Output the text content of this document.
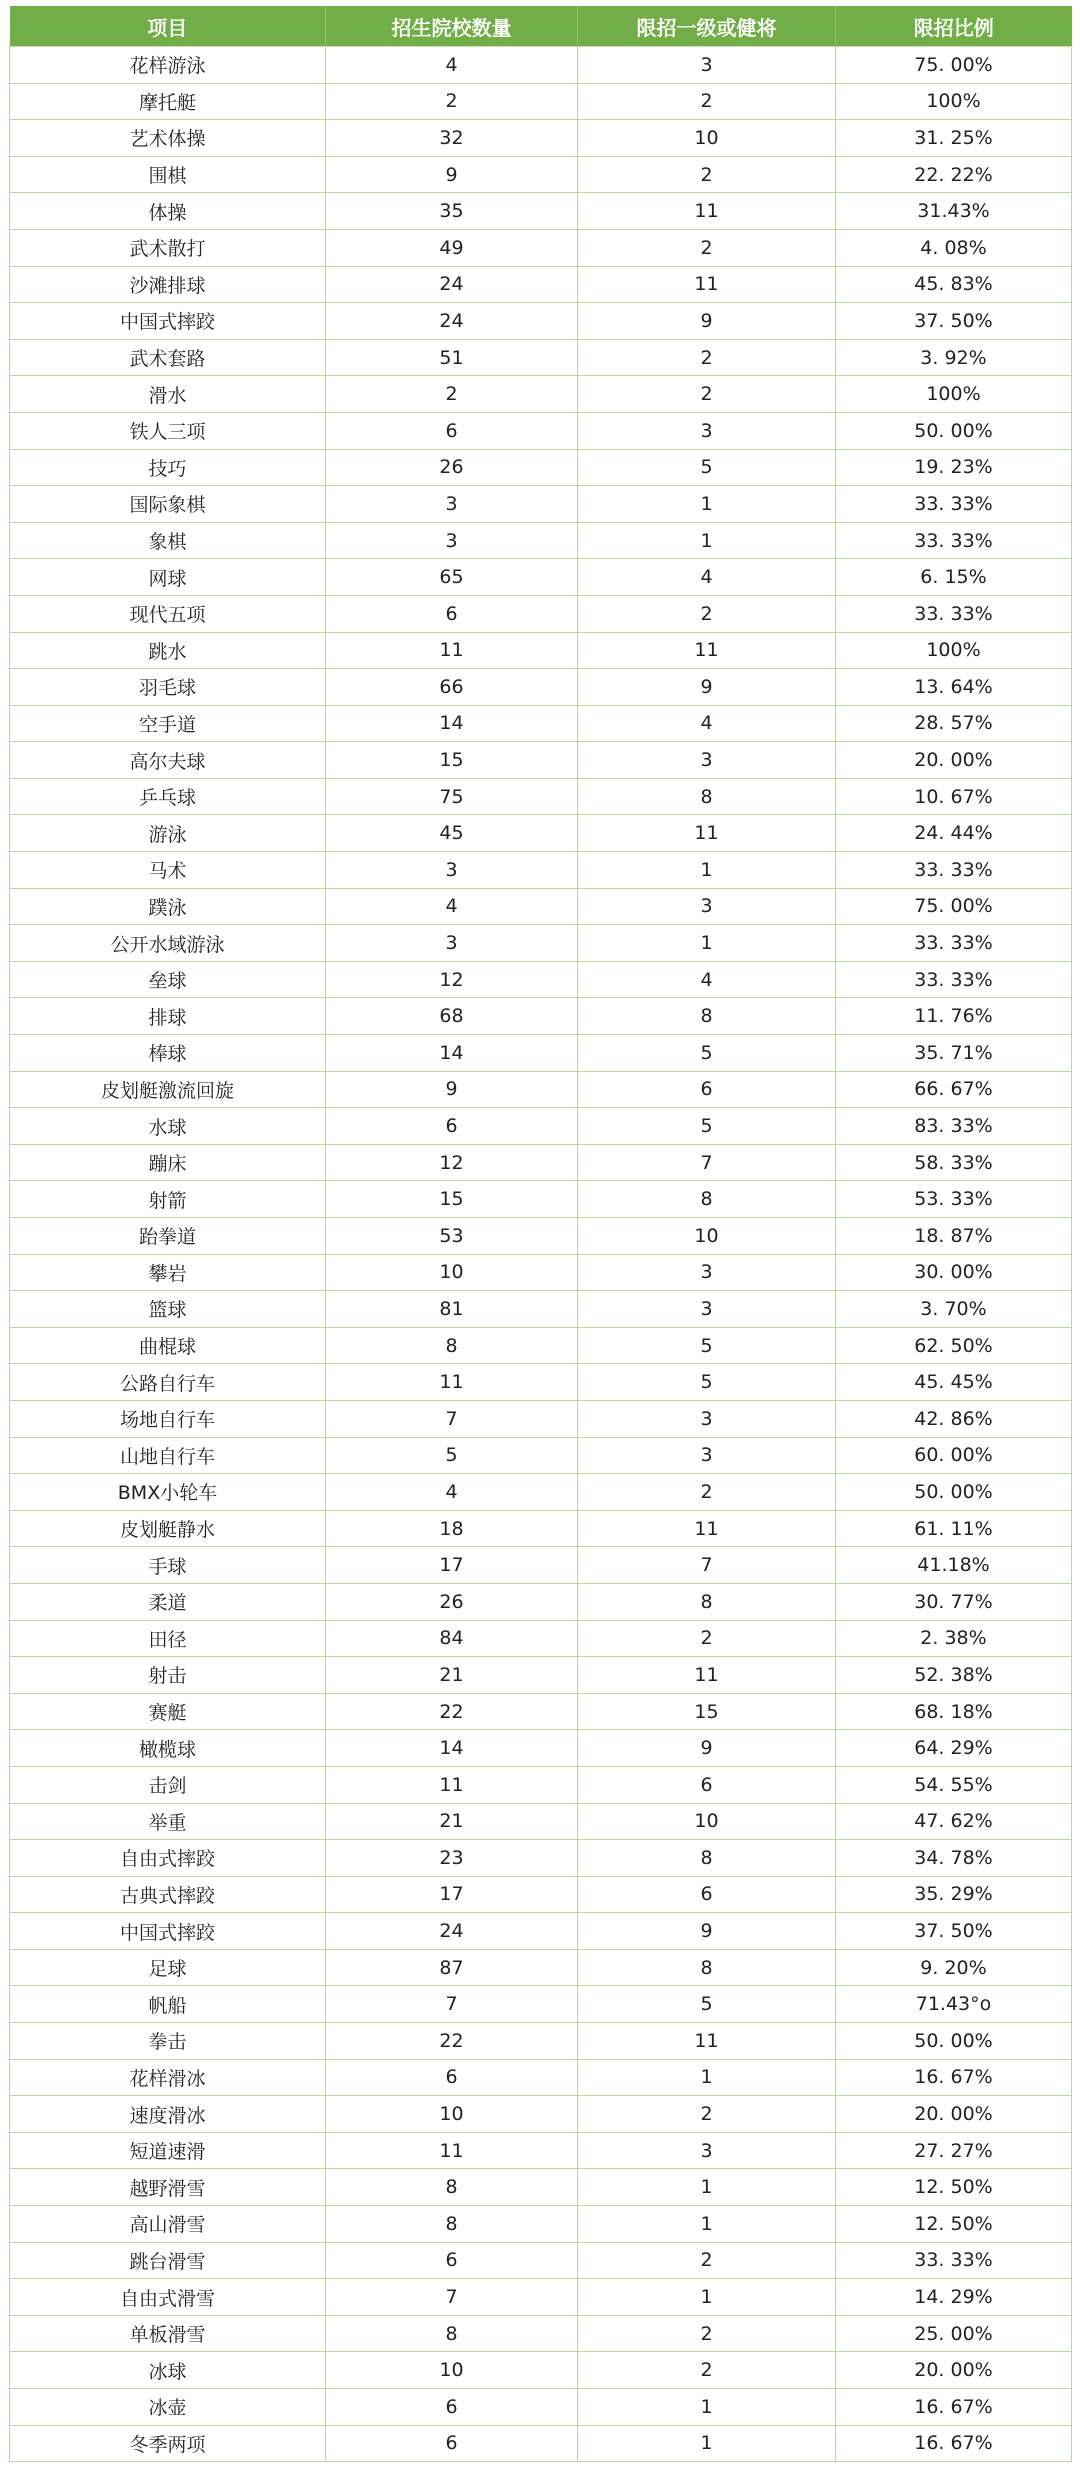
项目	招生院校数量	限招一级或健将	限招比例
花样游泳	4	3	75. 00%
摩托艇	2	2	100%
艺术体操	32	10	31. 25%
围棋	9	2	22. 22%
体操	35	11	31.43%
武术散打	49	2	4. 08%
沙滩排球	24	11	45. 83%
中国式摔跤	24	9	37. 50%
武术套路	51	2	3. 92%
滑水	2	2	100%
铁人三项	6	3	50. 00%
技巧	26	5	19. 23%
国际象棋	3	1	33. 33%
象棋	3	1	33. 33%
网球	65	4	6. 15%
现代五项	6	2	33. 33%
跳水	11	11	100%
羽毛球	66	9	13. 64%
空手道	14	4	28. 57%
高尔夫球	15	3	20. 00%
乒乓球	75	8	10. 67%
游泳	45	11	24. 44%
马术	3	1	33. 33%
蹼泳	4	3	75. 00%
公开水域游泳	3	1	33. 33%
垒球	12	4	33. 33%
排球	68	8	11. 76%
棒球	14	5	35. 71%
皮划艇激流回旋	9	6	66. 67%
水球	6	5	83. 33%
蹦床	12	7	58. 33%
射箭	15	8	53. 33%
跆拳道	53	10	18. 87%
攀岩	10	3	30. 00%
篮球	81	3	3. 70%
曲棍球	8	5	62. 50%
公路自行车	11	5	45. 45%
场地自行车	7	3	42. 86%
山地自行车	5	3	60. 00%
BMX小轮车	4	2	50. 00%
皮划艇静水	18	11	61. 11%
手球	17	7	41.18%
柔道	26	8	30. 77%
田径	84	2	2. 38%
射击	21	11	52. 38%
赛艇	22	15	68. 18%
橄榄球	14	9	64. 29%
击剑	11	6	54. 55%
举重	21	10	47. 62%
自由式摔跤	23	8	34. 78%
古典式摔跤	17	6	35. 29%
中国式摔跤	24	9	37. 50%
足球	87	8	9. 20%
帆船	7	5	71.43°o
拳击	22	11	50. 00%
花样滑冰	6	1	16. 67%
速度滑冰	10	2	20. 00%
短道速滑	11	3	27. 27%
越野滑雪	8	1	12. 50%
高山滑雪	8	1	12. 50%
跳台滑雪	6	2	33. 33%
自由式滑雪	7	1	14. 29%
单板滑雪	8	2	25. 00%
冰球	10	2	20. 00%
冰壶	6	1	16. 67%
冬季两项	6	1	16. 67%
